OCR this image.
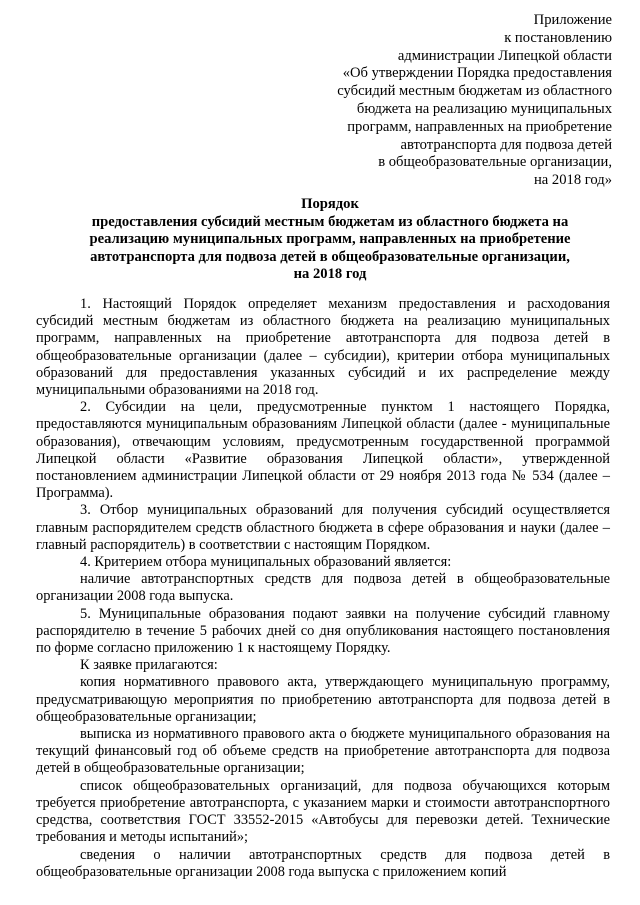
Приложение
к постановлению
администрации Липецкой области
«Об утверждении Порядка предоставления
субсидий местным бюджетам из областного
бюджета на реализацию муниципальных
программ, направленных на приобретение
автотранспорта для подвоза детей
в общеобразовательные организации,
на 2018 год»
Порядок
предоставления субсидий местным бюджетам из областного бюджета на
реализацию муниципальных программ, направленных на приобретение
автотранспорта для подвоза детей в общеобразовательные организации,
на 2018 год

1. Настоящий Порядок определяет механизм предоставления и расходования субсидий местным бюджетам из областного бюджета на реализацию муниципальных программ, направленных на приобретение автотранспорта для подвоза детей в общеобразовательные организации (далее – субсидии), критерии отбора муниципальных образований для предоставления указанных субсидий и их распределение между муниципальными образованиями на 2018 год.

2. Субсидии на цели, предусмотренные пунктом 1 настоящего Порядка, предоставляются муниципальным образованиям Липецкой области (далее - муниципальные образования), отвечающим условиям, предусмотренным государственной программой Липецкой области «Развитие образования Липецкой области», утвержденной постановлением администрации Липецкой области от 29 ноября 2013 года № 534 (далее – Программа).

3. Отбор муниципальных образований для получения субсидий осуществляется главным распорядителем средств областного бюджета в сфере образования и науки (далее – главный распорядитель) в соответствии с настоящим Порядком.

4. Критерием отбора муниципальных образований является:

наличие автотранспортных средств для подвоза детей в общеобразовательные организации 2008 года выпуска.

5. Муниципальные образования подают заявки на получение субсидий главному распорядителю в течение 5 рабочих дней со дня опубликования настоящего постановления по форме согласно приложению 1 к настоящему Порядку.

К заявке прилагаются:

копия нормативного правового акта, утверждающего муниципальную программу, предусматривающую мероприятия по приобретению автотранспорта для подвоза детей в общеобразовательные организации;

выписка из нормативного правового акта о бюджете муниципального образования на текущий финансовый год об объеме средств на приобретение автотранспорта для подвоза детей в общеобразовательные организации;

список общеобразовательных организаций, для подвоза обучающихся которым требуется приобретение автотранспорта, с указанием марки и стоимости автотранспортного средства, соответствия ГОСТ 33552-2015 «Автобусы для перевозки детей. Технические требования и методы испытаний»;

сведения о наличии автотранспортных средств для подвоза детей в общеобразовательные организации 2008 года выпуска с приложением копий
